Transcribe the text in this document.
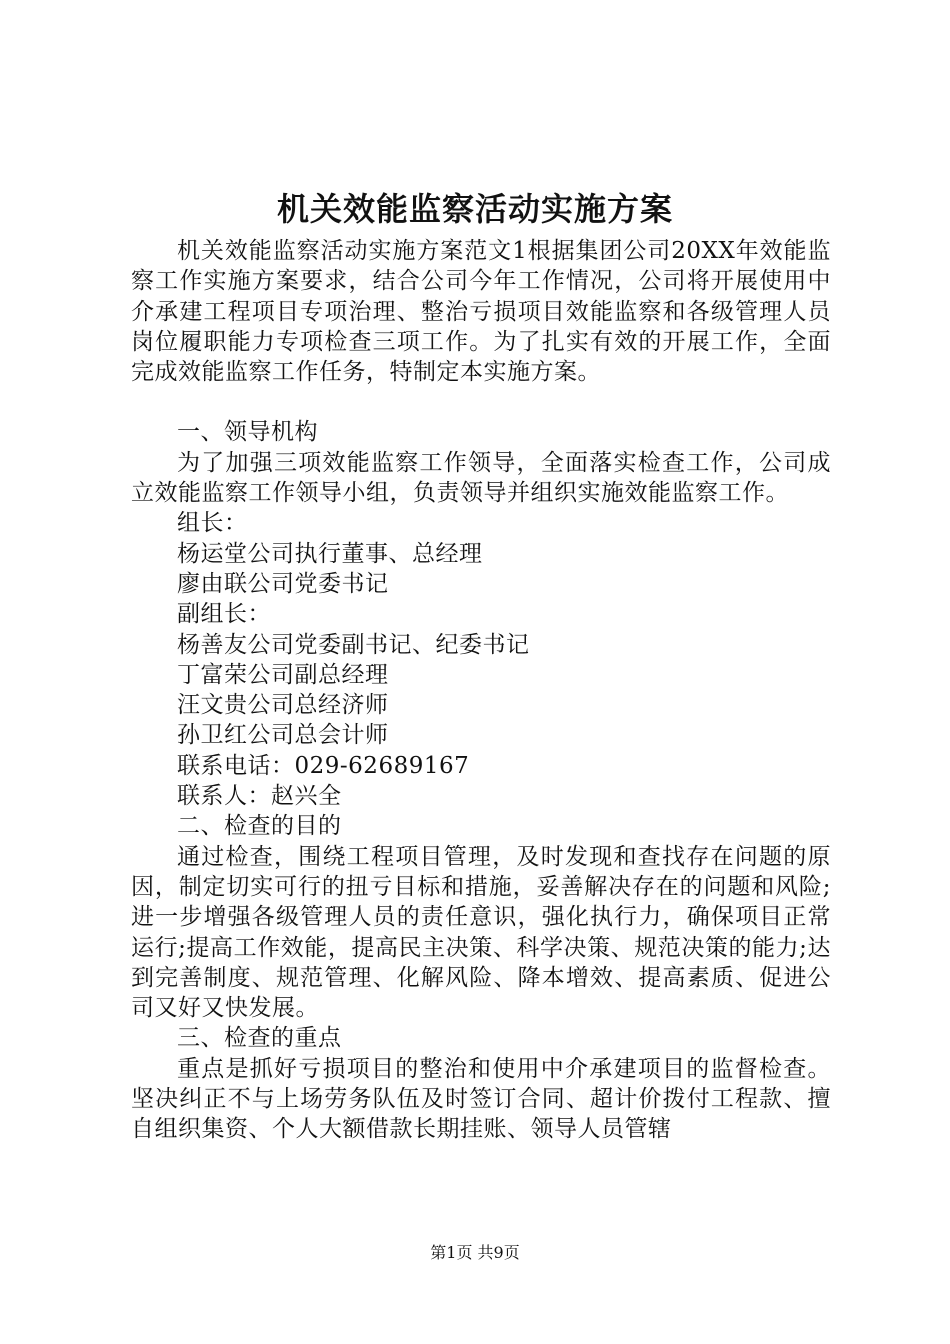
机关效能监察活动实施方案

机关效能监察活动实施方案范文1根据集团公司20XX年效能监察工作实施方案要求，结合公司今年工作情况，公司将开展使用中介承建工程项目专项治理、整治亏损项目效能监察和各级管理人员岗位履职能力专项检查三项工作。为了扎实有效的开展工作，全面完成效能监察工作任务，特制定本实施方案。

一、领导机构

为了加强三项效能监察工作领导，全面落实检查工作，公司成立效能监察工作领导小组，负责领导并组织实施效能监察工作。

组长：

杨运堂公司执行董事、总经理

廖由联公司党委书记

副组长：

杨善友公司党委副书记、纪委书记

丁富荣公司副总经理

汪文贵公司总经济师

孙卫红公司总会计师

联系电话：029-62689167

联系人：赵兴全

二、检查的目的

通过检查，围绕工程项目管理，及时发现和查找存在问题的原因，制定切实可行的扭亏目标和措施，妥善解决存在的问题和风险;进一步增强各级管理人员的责任意识，强化执行力，确保项目正常运行;提高工作效能，提高民主决策、科学决策、规范决策的能力;达到完善制度、规范管理、化解风险、降本增效、提高素质、促进公司又好又快发展。

三、检查的重点

重点是抓好亏损项目的整治和使用中介承建项目的监督检查。坚决纠正不与上场劳务队伍及时签订合同、超计价拨付工程款、擅自组织集资、个人大额借款长期挂账、领导人员管辖

第1页 共9页
